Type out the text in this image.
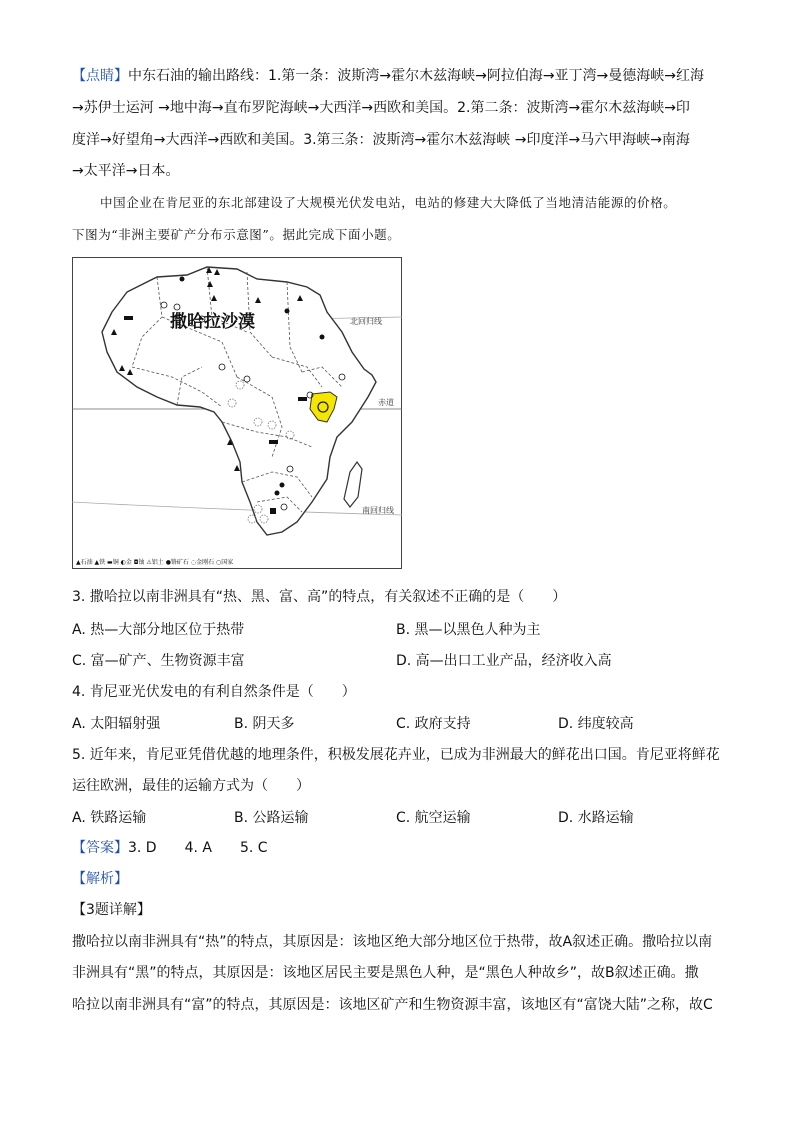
【点睛】中东石油的输出路线：1.第一条：波斯湾→霍尔木兹海峡→阿拉伯海→亚丁湾→曼德海峡→红海
→苏伊士运河 →地中海→直布罗陀海峡→大西洋→西欧和美国。2.第二条：波斯湾→霍尔木兹海峡→印
度洋→好望角→大西洋→西欧和美国。3.第三条：波斯湾→霍尔木兹海峡 →印度洋→马六甲海峡→南海
→太平洋→日本。
中国企业在肯尼亚的东北部建设了大规模光伏发电站，电站的修建大大降低了当地清洁能源的价格。
下图为“非洲主要矿产分布示意图”。据此完成下面小题。
撒哈拉沙漠	北回归线
赤道
南回归线
▲石油 ▲铁 ▬铜 ◐金 ◘铀 ⚠铝土 ●铬矿石 ◌金刚石 ○国家
3. 撒哈拉以南非洲具有“热、黑、富、高”的特点，有关叙述不正确的是（　　）
A. 热—大部分地区位于热带	B. 黑—以黑色人种为主
C. 富—矿产、生物资源丰富	D. 高—出口工业产品，经济收入高
4. 肯尼亚光伏发电的有利自然条件是（　　）
A. 太阳辐射强	B. 阴天多	C. 政府支持	D. 纬度较高
5. 近年来，肯尼亚凭借优越的地理条件，积极发展花卉业，已成为非洲最大的鲜花出口国。肯尼亚将鲜花
运往欧洲，最佳的运输方式为（　　）
A. 铁路运输	B. 公路运输	C. 航空运输	D. 水路运输
【答案】3. D　　4. A　　5. C
【解析】
【3题详解】
撒哈拉以南非洲具有“热”的特点，其原因是：该地区绝大部分地区位于热带，故A叙述正确。撒哈拉以南
非洲具有“黑”的特点，其原因是：该地区居民主要是黑色人种，是“黑色人种故乡”，故B叙述正确。撒
哈拉以南非洲具有“富”的特点，其原因是：该地区矿产和生物资源丰富，该地区有“富饶大陆”之称，故C
